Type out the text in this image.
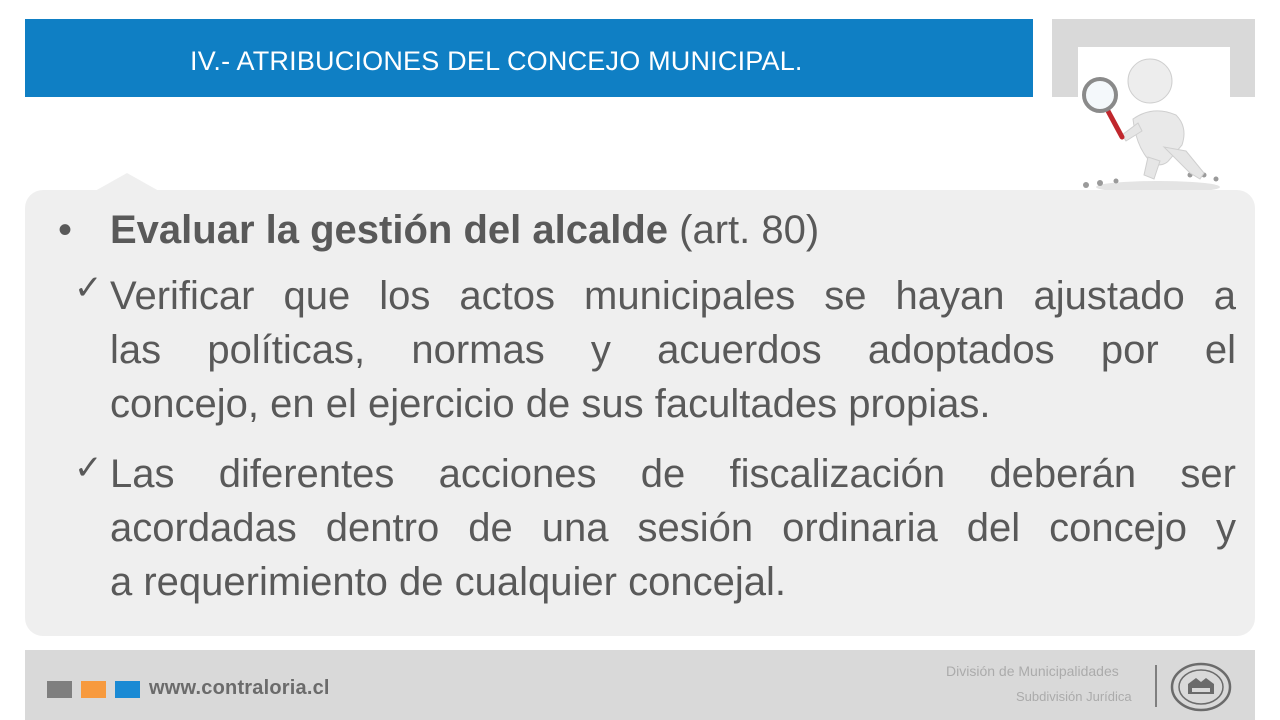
IV.- ATRIBUCIONES DEL CONCEJO MUNICIPAL.
• Evaluar la gestión del alcalde (art. 80)
✓ Verificar que los actos municipales se hayan ajustado a
las políticas, normas y acuerdos adoptados por el
concejo, en el ejercicio de sus facultades propias.
✓ Las diferentes acciones de fiscalización deberán ser
acordadas dentro de una sesión ordinaria del concejo y
a requerimiento de cualquier concejal.
www.contraloria.cl
División de Municipalidades
Subdivisión Jurídica
